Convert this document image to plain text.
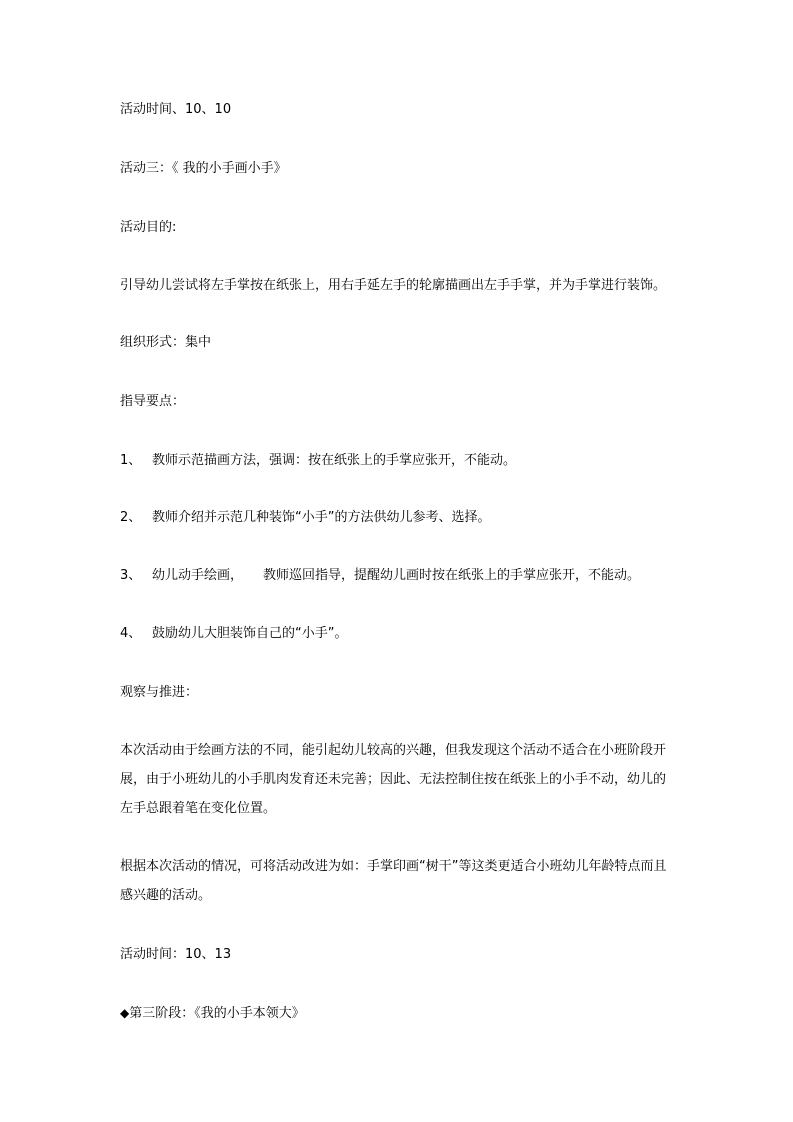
活动时间、10、10
活动三：《 我的小手画小手》
活动目的:
引导幼儿尝试将左手掌按在纸张上，用右手延左手的轮廓描画出左手手掌，并为手掌进行装饰。
组织形式：集中
指导要点：
1、 教师示范描画方法，强调：按在纸张上的手掌应张开，不能动。
2、 教师介绍并示范几种装饰“小手”的方法供幼儿参考、选择。
3、 幼儿动手绘画， 教师巡回指导，提醒幼儿画时按在纸张上的手掌应张开，不能动。
4、 鼓励幼儿大胆装饰自己的“小手”。
观察与推进：
本次活动由于绘画方法的不同，能引起幼儿较高的兴趣，但我发现这个活动不适合在小班阶段开
展，由于小班幼儿的小手肌肉发育还未完善；因此、无法控制住按在纸张上的小手不动，幼儿的
左手总跟着笔在变化位置。
根据本次活动的情况，可将活动改进为如：手掌印画“树干”等这类更适合小班幼儿年龄特点而且
感兴趣的活动。
活动时间：10、13
◆第三阶段：《我的小手本领大》
